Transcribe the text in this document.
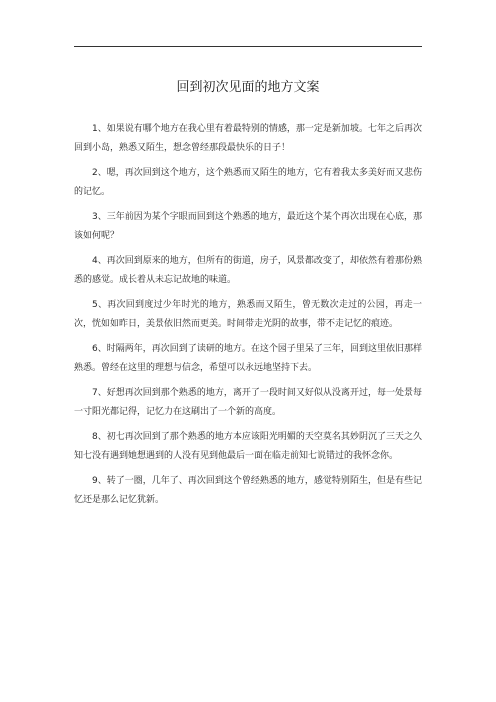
回到初次见面的地方文案

1、如果说有哪个地方在我心里有着最特别的情感，那一定是新加坡。七年之后再次回到小岛，熟悉又陌生，想念曾经那段最快乐的日子！

2、嗯，再次回到这个地方，这个熟悉而又陌生的地方，它有着我太多美好而又悲伤的记忆。

3、三年前因为某个字眼而回到这个熟悉的地方，最近这个某个再次出现在心底，那该如何呢？

4、再次回到原来的地方，但所有的街道，房子，风景都改变了，却依然有着那份熟悉的感觉。成长着从未忘记故地的味道。

5、再次回到度过少年时光的地方，熟悉而又陌生，曾无数次走过的公园，再走一次，恍如如昨日，美景依旧然而更美。时间带走光阴的故事，带不走记忆的痕迹。

6、时隔两年，再次回到了读研的地方。在这个园子里呆了三年，回到这里依旧那样熟悉。曾经在这里的理想与信念，希望可以永远地坚持下去。

7、好想再次回到那个熟悉的地方，离开了一段时间又好似从没离开过，每一处景每一寸阳光都记得，记忆力在这刷出了一个新的高度。

8、初七再次回到了那个熟悉的地方本应该阳光明媚的天空莫名其妙阴沉了三天之久知七没有遇到她想遇到的人没有见到他最后一面在临走前知七说错过的我怀念你。

9、转了一圈，几年了、再次回到这个曾经熟悉的地方，感觉特别陌生，但是有些记忆还是那么记忆犹新。
